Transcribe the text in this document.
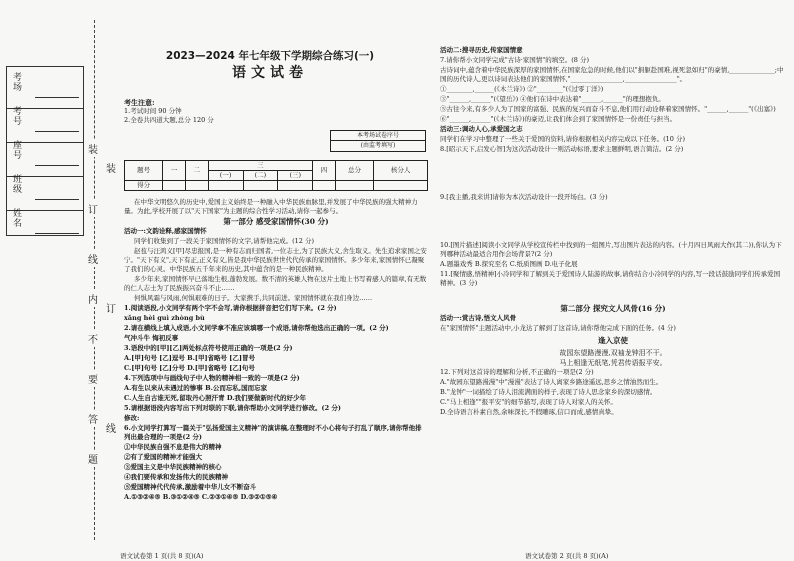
考场
考号
座号
班级
姓名
装
订
线
内
不
要
答
题
装
订
线
2023—2024 年七年级下学期综合练习(一)
语文试卷
考生注意:
1.考试时间 90 分钟
2.全卷共四道大题,总分 120 分
本考场试卷序号
(由监考填写)
题号	一	二	三			四	总分	核分人
			(一)	(二)	(三)			
得分								

在中华文明悠久的历史中,爱国主义始终是一种融入中华民族血脉里,并发展了中华民族的强大精神力量。为此,学校开展了以"天下国家"为主题的综合性学习活动,请你一起参与。

第一部分 感受家国情怀(30 分)

活动一:文韵诠释,感家国情怀

同学们收集到了一段关于家国情怀的文字,请帮他完成。(12 分)

赵苞与汪鸿义[甲]尽忠报国,是一种有志而归国者,一位志士,为了民族大义,舍生取义。先生追求家国之安宁。"天下有义",天下有正,正义有义,皆是我中华民族世世代代传承的家国情怀。多少年来,家国情怀已凝聚了我们的心灵。中华民族五千年来的历史,其中蕴含的是一种民族精神。

多少年来,家国情怀早已落地生根,蓬勃发展。数不清的英雄人物在这片土地上书写着感人的篇章,有无数的仁人志士为了民族振兴奋斗不止……

何惧风霜与风雨,何惧艰难的日子。大家携手,共同前进。家国情怀就在我们身边……

1.阅读语段,小文同学有两个字不会写,请你根据拼音把它们写下来。(2 分)

xǎng hèi guì zhòng bù

2.请在横线上填入成语,小文同学拿不准应该填哪一个成语,请你帮他选出正确的一项。(2 分)

气冲斗牛 悔初反事

3.语段中的[甲][乙]两处标点符号使用正确的一项是(2 分)

A.[甲]句号 [乙]逗号 B.[甲]省略号 [乙]冒号

C.[甲]句号 [乙]分号 D.[甲]省略号 [乙]句号

4.下列选项中与画线句子中人物的精神相一致的一项是(2 分)

A.有生以来从未遇过的惨事 B.公而忘私,国而忘家

C.人生自古谁无死,留取丹心照汗青 D.我们要做新时代的好少年

5.请根据语段内容写出下列对联的下联,请你帮助小文同学进行修改。(2 分)

修改:

6.小文同学打算写一篇关于"弘扬爱国主义精神"的演讲稿,在整理时不小心将句子打乱了顺序,请你帮他排列出最合理的一项是(2 分)

①中华民族自强不息是伟大的精神

②有了爱国的精神才能强大

③爱国主义是中华民族精神的核心

④我们要传承和发扬伟大的民族精神

⑤爱国精神代代传承,激励着中华儿女不断奋斗

A.①③②④⑤ B.③①②④⑤ C.②③①④⑤ D.③②①⑤④

语文试卷第 1 页(共 8 页)(A)

活动二:搜寻历史,传家国情意

7.请你帮小文同学完成"古诗·家国情"的填空。(8 分)

古诗词中,蕴含着中华民族深厚的家国情怀,在国家危急的时候,他们以"捐躯赴国难,视死忽如归"的豪情,______________;中国的历代诗人,更以诗词表达他们的家国情怀,"________________,________________"。

①________,______(《木兰诗》) ②"________"(《过零丁洋》)

③"______,______"(《望岳》) ④他们在诗中表达着"______,______"的理想抱负。

⑤古往今来,有多少人为了国家的富强、民族的复兴而奋斗不息,他们用行动诠释着家国情怀。"______,______"(《出塞》)

⑥"______,______"(《木兰诗》)的豪迈,让我们体会到了家国情怀是一份责任与担当。

活动三:调动人心,承爱国之志

同学们在学习中整理了一些关于爱国的资料,请你根据相关内容完成以下任务。(10 分)

8.[昭示天下,启发心智]为这次活动设计一则活动标语,要求主题鲜明,语言简洁。(2 分)

9.[我主播,我来讲]请你为本次活动设计一段开场白。(3 分)

10.[图片描述]阅读小文同学从学校宣传栏中找到的一组图片,写出图片表达的内容。(十月四日风雨大作(其二)),你认为下列哪种活动最适合用作会场背景?(2 分)

A.题墨戏秀 B.探究至名 C.纸质图画 D.电子化展

11.[聚情感,悟精神]小冷同学和了解到关于爱国诗人陆游的故事,请你结合小冷同学的内容,写一段话鼓励同学们传承爱国精神。(3 分)

第二部分 探究文人风骨(16 分)

活动一:赏古诗,悟文人风骨

在"家国情怀"主题活动中,小龙达了解到了这首诗,请你帮他完成下面的任务。(4 分)

逢入京使
故园东望路漫漫,双袖龙钟泪不干。
马上相逢无纸笔,凭君传语报平安。

12.下列对这首诗的理解和分析,不正确的一项是(2 分)

A."故园东望路漫漫"中"漫漫"表达了诗人离家乡路途遥远,思乡之情油然而生。

B."龙钟"一词描绘了诗人泪流满面的样子,表现了诗人思念家乡的深切感情。

C."马上相逢""报平安"的细节描写,表现了诗人对家人的关怀。

D.全诗语言朴素自然,余味深长,不假雕琢,信口而成,感情真挚。

语文试卷第 2 页(共 8 页)(A)
